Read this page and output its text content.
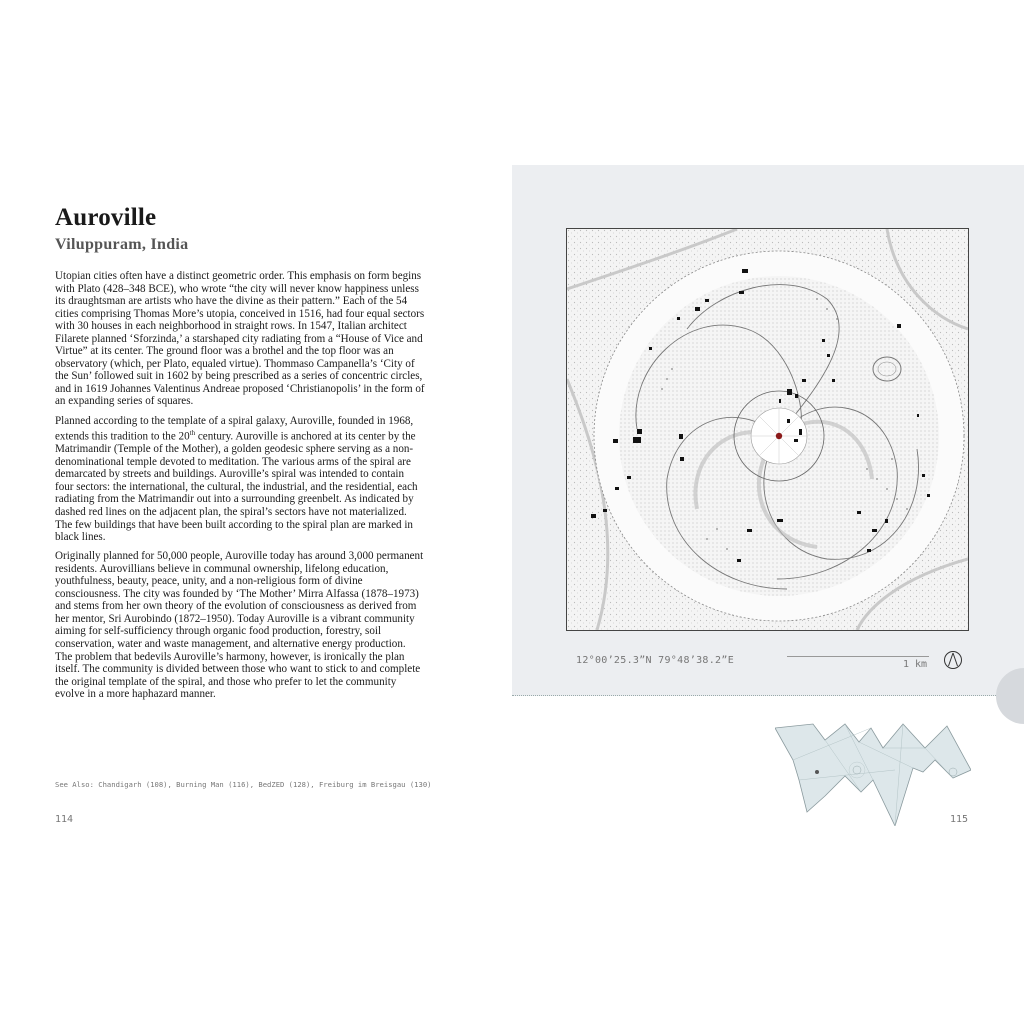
Auroville
Viluppuram, India

Utopian cities often have a distinct geometric order. This emphasis on form begins with Plato (428–348 BCE), who wrote “the city will never know happiness unless its draughtsman are artists who have the divine as their pattern.” Each of the 54 cities comprising Thomas More’s utopia, conceived in 1516, had four equal sectors with 30 houses in each neighborhood in straight rows. In 1547, Italian architect Filarete planned ‘Sforzinda,’ a starshaped city radiating from a “House of Vice and Virtue” at its center. The ground floor was a brothel and the top floor was an observatory (which, per Plato, equaled virtue). Thommaso Campanella’s ‘City of the Sun’ followed suit in 1602 by being prescribed as a series of concentric circles, and in 1619 Johannes Valentinus Andreae proposed ‘Christianopolis’ in the form of an expanding series of squares.

Planned according to the template of a spiral galaxy, Auroville, founded in 1968, extends this tradition to the 20th century. Auroville is anchored at its center by the Matrimandir (Temple of the Mother), a golden geodesic sphere serving as a non-denominational temple devoted to meditation. The various arms of the spiral are demarcated by streets and buildings. Auroville’s spiral was intended to contain four sectors: the international, the cultural, the industrial, and the residential, each radiating from the Matrimandir out into a surrounding greenbelt. As indicated by dashed red lines on the adjacent plan, the spiral’s sectors have not materialized. The few buildings that have been built according to the spiral plan are marked in black lines.

Originally planned for 50,000 people, Auroville today has around 3,000 permanent residents. Aurovillians believe in communal ownership, lifelong education, youthfulness, beauty, peace, unity, and a non-religious form of divine consciousness. The city was founded by ‘The Mother’ Mirra Alfassa (1878–1973) and stems from her own theory of the evolution of consciousness as derived from her mentor, Sri Aurobindo (1872–1950). Today Auroville is a vibrant community aiming for self-sufficiency through organic food production, forestry, soil conservation, water and waste management, and alternative energy production. The problem that bedevils Auroville’s harmony, however, is ironically the plan itself. The community is divided between those who want to stick to and complete the original template of the spiral, and those who prefer to let the community evolve in a more haphazard manner.

See Also: Chandigarh (108), Burning Man (116), BedZED (128), Freiburg im Breisgau (130)
114
12°00’25.3”N 79°48’38.2”E	1 km
115
